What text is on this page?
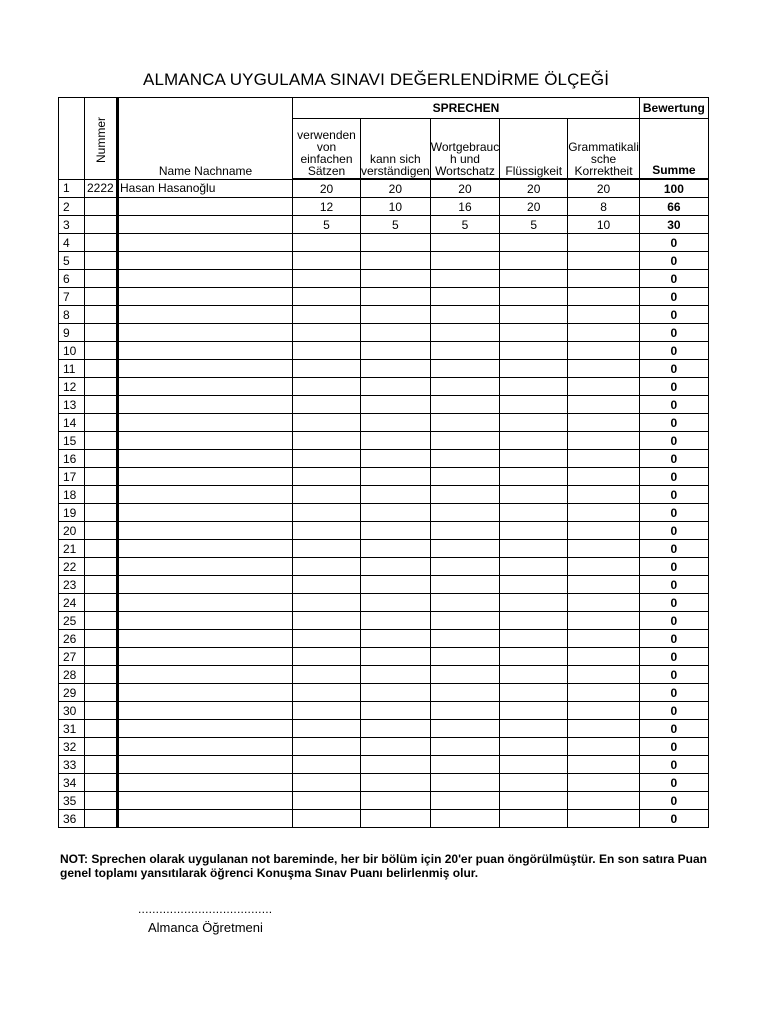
ALMANCA UYGULAMA SINAVI DEĞERLENDİRME ÖLÇEĞİ

	Nummer	Name Nachname	SPRECHEN					Bewertung
			verwenden
von
einfachen
Sätzen	kann sich
verständigen	Wortgebrauc
h und
Wortschatz	Flüssigkeit	Grammatikali
sche
Korrektheit	Summe
1	2222	Hasan Hasanoğlu	20	20	20	20	20	100
2			12	10	16	20	8	66
3			5	5	5	5	10	30
4								0
5								0
6								0
7								0
8								0
9								0
10								0
11								0
12								0
13								0
14								0
15								0
16								0
17								0
18								0
19								0
20								0
21								0
22								0
23								0
24								0
25								0
26								0
27								0
28								0
29								0
30								0
31								0
32								0
33								0
34								0
35								0
36								0
NOT: Sprechen olarak uygulanan not bareminde, her bir bölüm için 20'er puan öngörülmüştür. En son satıra Puan genel toplamı yansıtılarak öğrenci Konuşma Sınav Puanı belirlenmiş olur.
......................................
Almanca Öğretmeni
